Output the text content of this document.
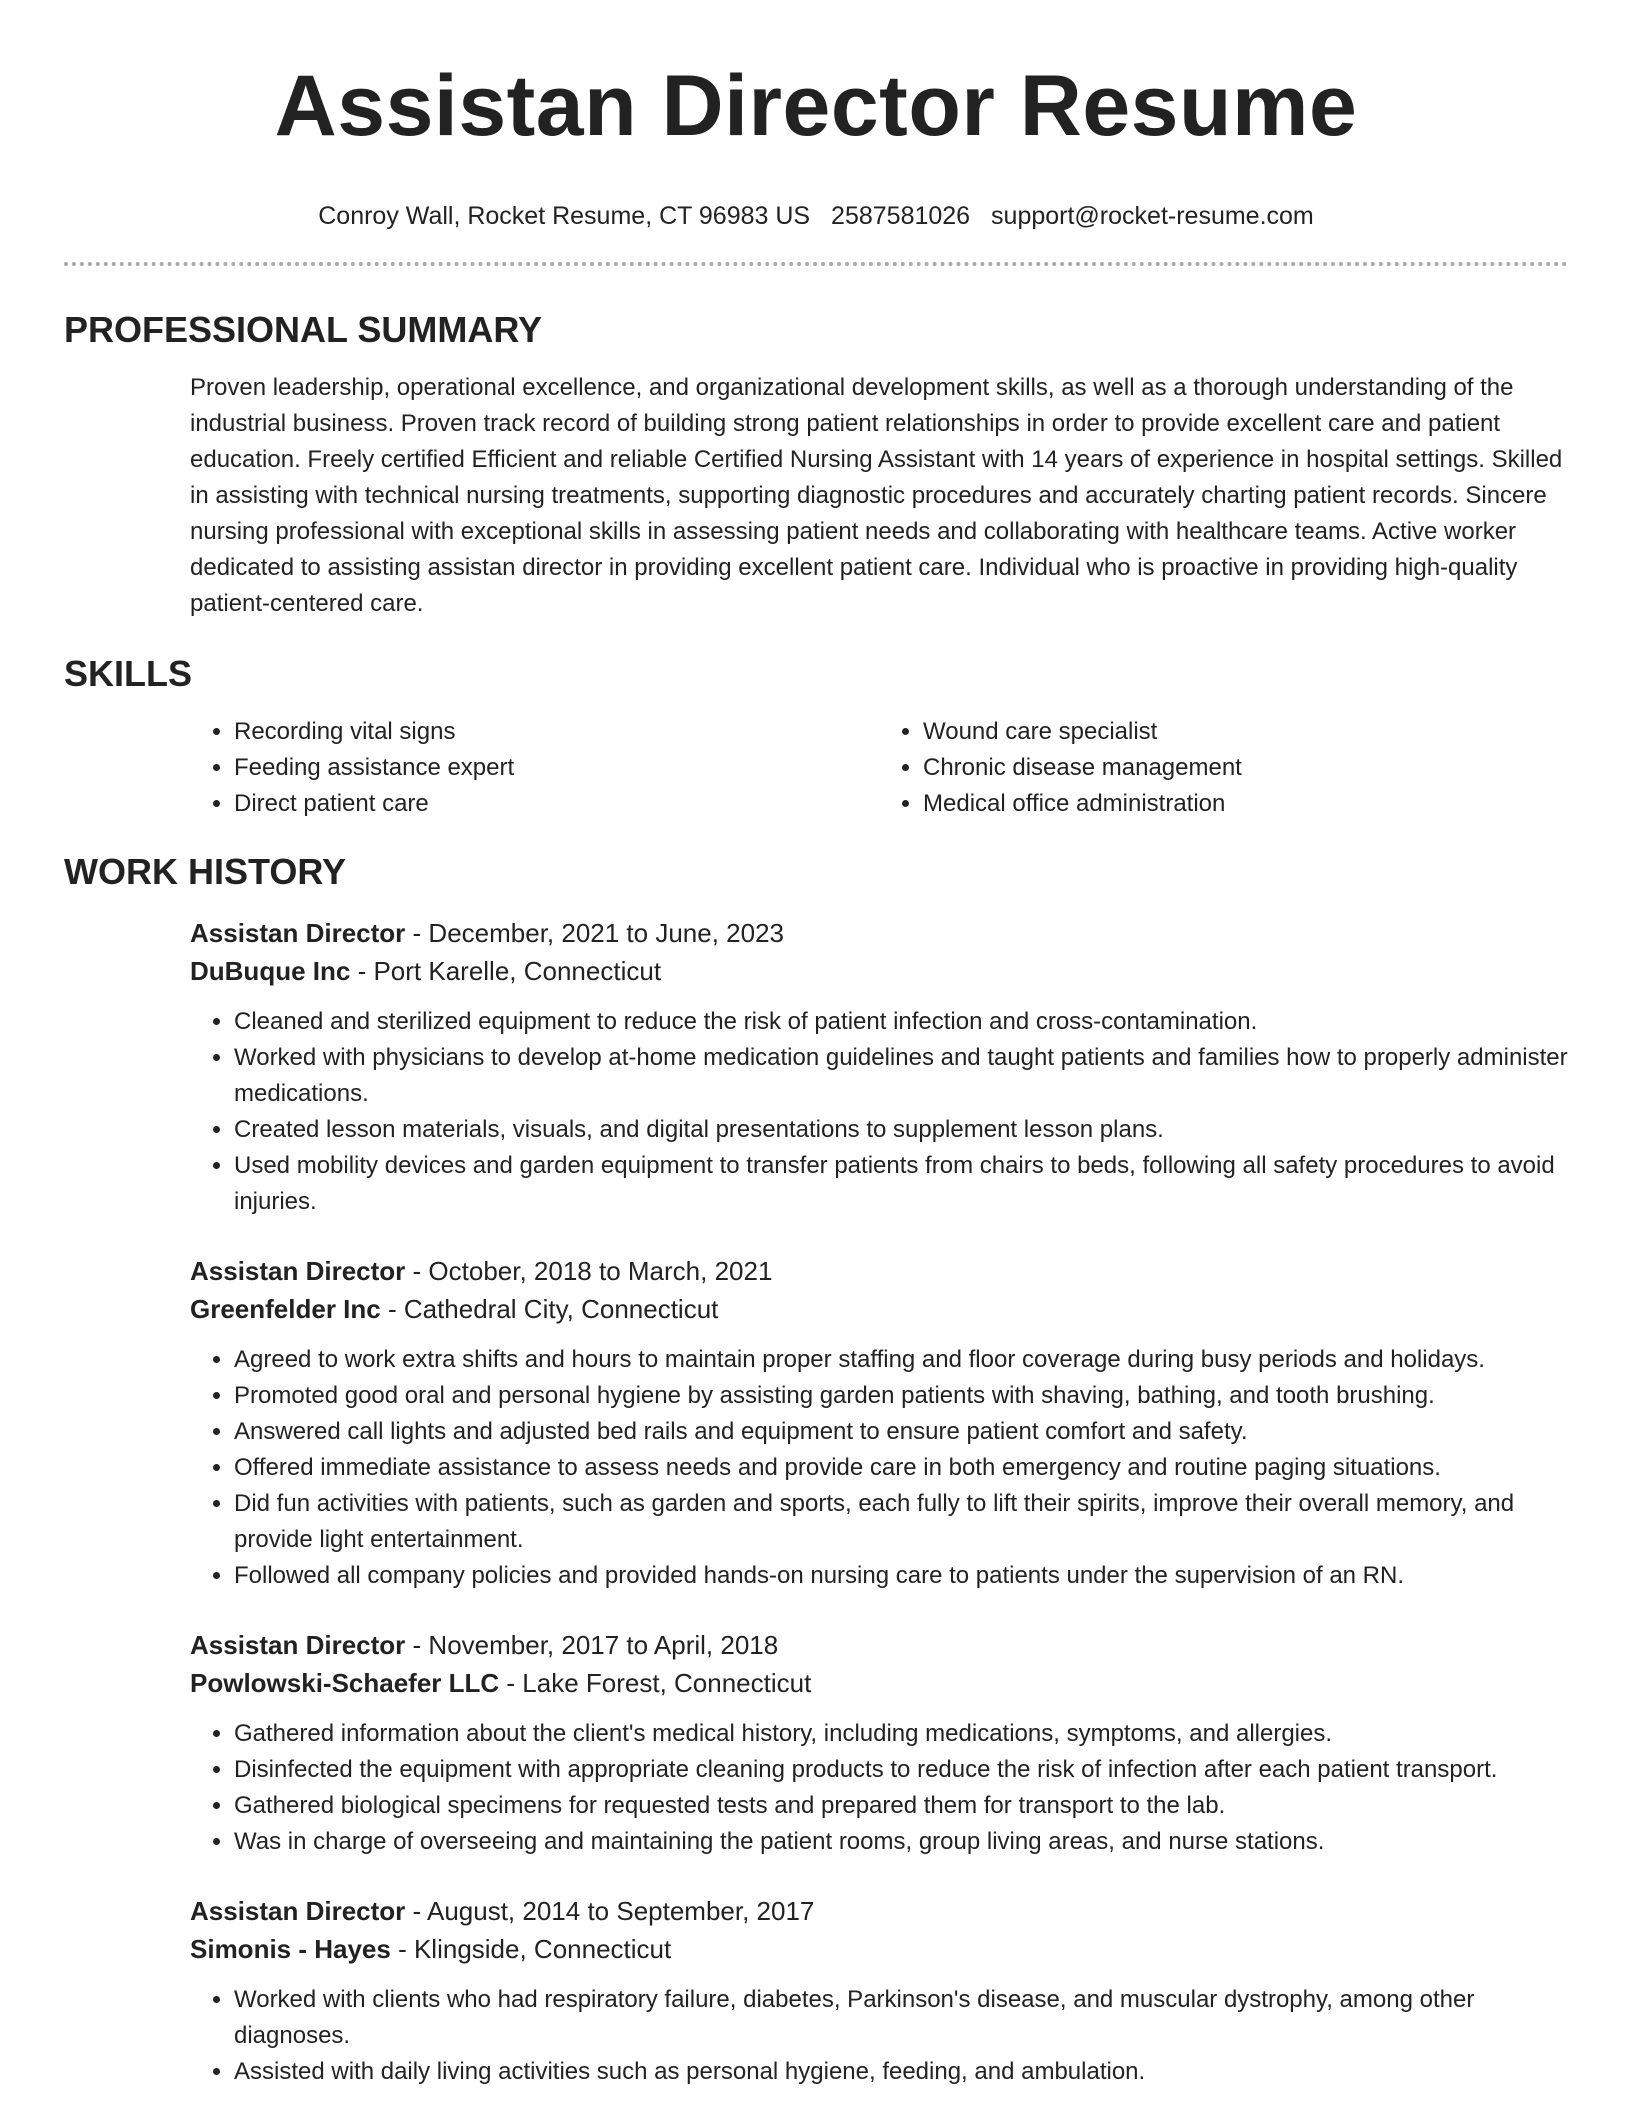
Assistan Director Resume
Conroy Wall, Rocket Resume, CT 96983 US 2587581026 support@rocket-resume.com
PROFESSIONAL SUMMARY

Proven leadership, operational excellence, and organizational development skills, as well as a thorough understanding of the industrial business. Proven track record of building strong patient relationships in order to provide excellent care and patient education. Freely certified Efficient and reliable Certified Nursing Assistant with 14 years of experience in hospital settings. Skilled in assisting with technical nursing treatments, supporting diagnostic procedures and accurately charting patient records. Sincere nursing professional with exceptional skills in assessing patient needs and collaborating with healthcare teams. Active worker dedicated to assisting assistan director in providing excellent patient care. Individual who is proactive in providing high-quality patient-centered care.

SKILLS
• Recording vital signs
• Feeding assistance expert
• Direct patient care
• Wound care specialist
• Chronic disease management
• Medical office administration
WORK HISTORY
Assistan Director - December, 2021 to June, 2023
DuBuque Inc - Port Karelle, Connecticut
• Cleaned and sterilized equipment to reduce the risk of patient infection and cross-contamination.
• Worked with physicians to develop at-home medication guidelines and taught patients and families how to properly administer medications.
• Created lesson materials, visuals, and digital presentations to supplement lesson plans.
• Used mobility devices and garden equipment to transfer patients from chairs to beds, following all safety procedures to avoid injuries.
Assistan Director - October, 2018 to March, 2021
Greenfelder Inc - Cathedral City, Connecticut
• Agreed to work extra shifts and hours to maintain proper staffing and floor coverage during busy periods and holidays.
• Promoted good oral and personal hygiene by assisting garden patients with shaving, bathing, and tooth brushing.
• Answered call lights and adjusted bed rails and equipment to ensure patient comfort and safety.
• Offered immediate assistance to assess needs and provide care in both emergency and routine paging situations.
• Did fun activities with patients, such as garden and sports, each fully to lift their spirits, improve their overall memory, and provide light entertainment.
• Followed all company policies and provided hands-on nursing care to patients under the supervision of an RN.
Assistan Director - November, 2017 to April, 2018
Powlowski-Schaefer LLC - Lake Forest, Connecticut
• Gathered information about the client's medical history, including medications, symptoms, and allergies.
• Disinfected the equipment with appropriate cleaning products to reduce the risk of infection after each patient transport.
• Gathered biological specimens for requested tests and prepared them for transport to the lab.
• Was in charge of overseeing and maintaining the patient rooms, group living areas, and nurse stations.
Assistan Director - August, 2014 to September, 2017
Simonis - Hayes - Klingside, Connecticut
• Worked with clients who had respiratory failure, diabetes, Parkinson's disease, and muscular dystrophy, among other diagnoses.
• Assisted with daily living activities such as personal hygiene, feeding, and ambulation.
